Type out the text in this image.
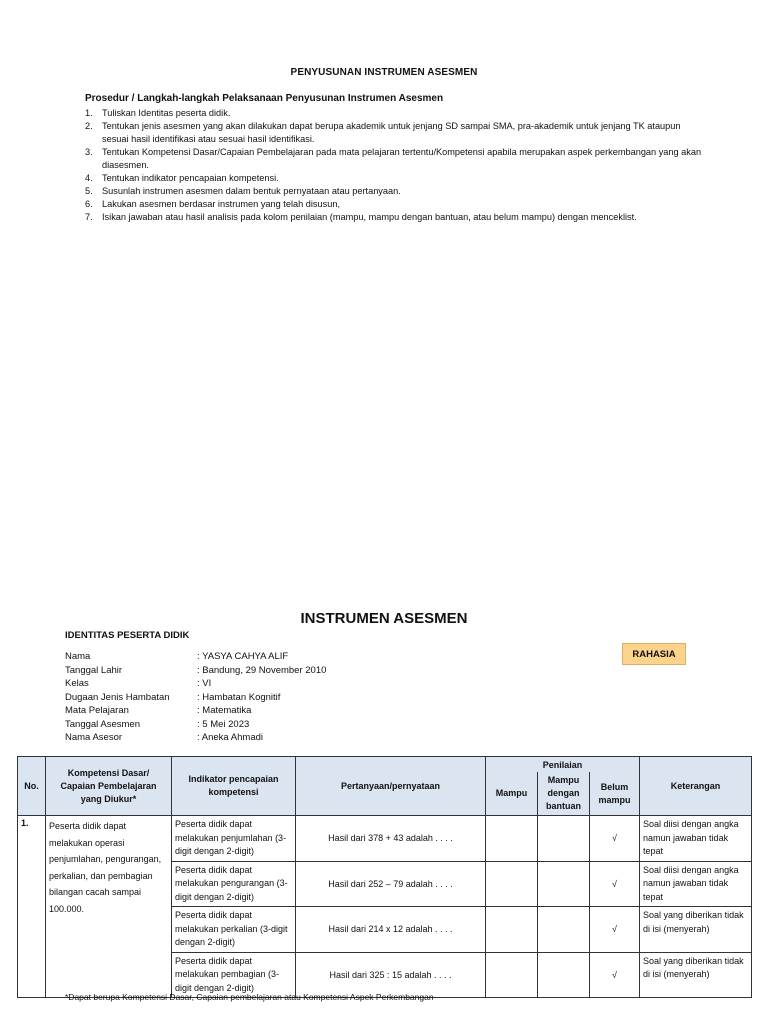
PENYUSUNAN INSTRUMEN ASESMEN
Prosedur / Langkah-langkah Pelaksanaan Penyusunan Instrumen Asesmen
1.	Tuliskan Identitas peserta didik.
2.	Tentukan jenis asesmen yang akan dilakukan dapat berupa akademik untuk jenjang SD sampai SMA, pra-akademik untuk jenjang TK ataupun sesuai hasil identifikasi atau sesuai hasil identifikasi.
3.	Tentukan Kompetensi Dasar/Capaian Pembelajaran pada mata pelajaran tertentu/Kompetensi apabila merupakan aspek perkembangan yang akan diasesmen.
4.	Tentukan indikator pencapaian kompetensi.
5.	Susunlah instrumen asesmen dalam bentuk pernyataan atau pertanyaan.
6.	Lakukan asesmen berdasar instrumen yang telah disusun,
7.	Isikan jawaban atau hasil analisis pada kolom penilaian (mampu, mampu dengan bantuan, atau belum mampu) dengan menceklist.
INSTRUMEN ASESMEN
IDENTITAS PESERTA DIDIK
RAHASIA
Nama	: YASYA CAHYA ALIF
Tanggal Lahir	: Bandung, 29 November 2010
Kelas	: VI
Dugaan Jenis Hambatan	: Hambatan Kognitif
Mata Pelajaran	: Matematika
Tanggal Asesmen	: 5 Mei 2023
Nama Asesor	: Aneka Ahmadi
No.	Kompetensi Dasar/ Capaian Pembelajaran yang Diukur*	Indikator pencapaian kompetensi	Pertanyaan/pernyataan	Penilaian			Keterangan
				Mampu	Mampu dengan bantuan	Belum mampu	
1.	Peserta didik dapat melakukan operasi penjumlahan, pengurangan, perkalian, dan pembagian bilangan cacah sampai 100.000.	Peserta didik dapat melakukan penjumlahan (3-digit dengan 2-digit)	Hasil dari 378 + 43 adalah . . . .			√	Soal diisi dengan angka namun jawaban tidak tepat
		Peserta didik dapat melakukan pengurangan (3-digit dengan 2-digit)	Hasil dari 252 – 79 adalah . . . .			√	Soal diisi dengan angka namun jawaban tidak tepat
		Peserta didik dapat melakukan perkalian (3-digit dengan 2-digit)	Hasil dari 214 x 12 adalah . . . .			√	Soal yang diberikan tidak di isi (menyerah)
		Peserta didik dapat melakukan pembagian (3-digit dengan 2-digit)	Hasil dari 325 : 15 adalah . . . .			√	Soal yang diberikan tidak di isi (menyerah)
*Dapat berupa Kompetensi Dasar, Capaian pembelajaran atau Kompetensi Aspek Perkembangan
